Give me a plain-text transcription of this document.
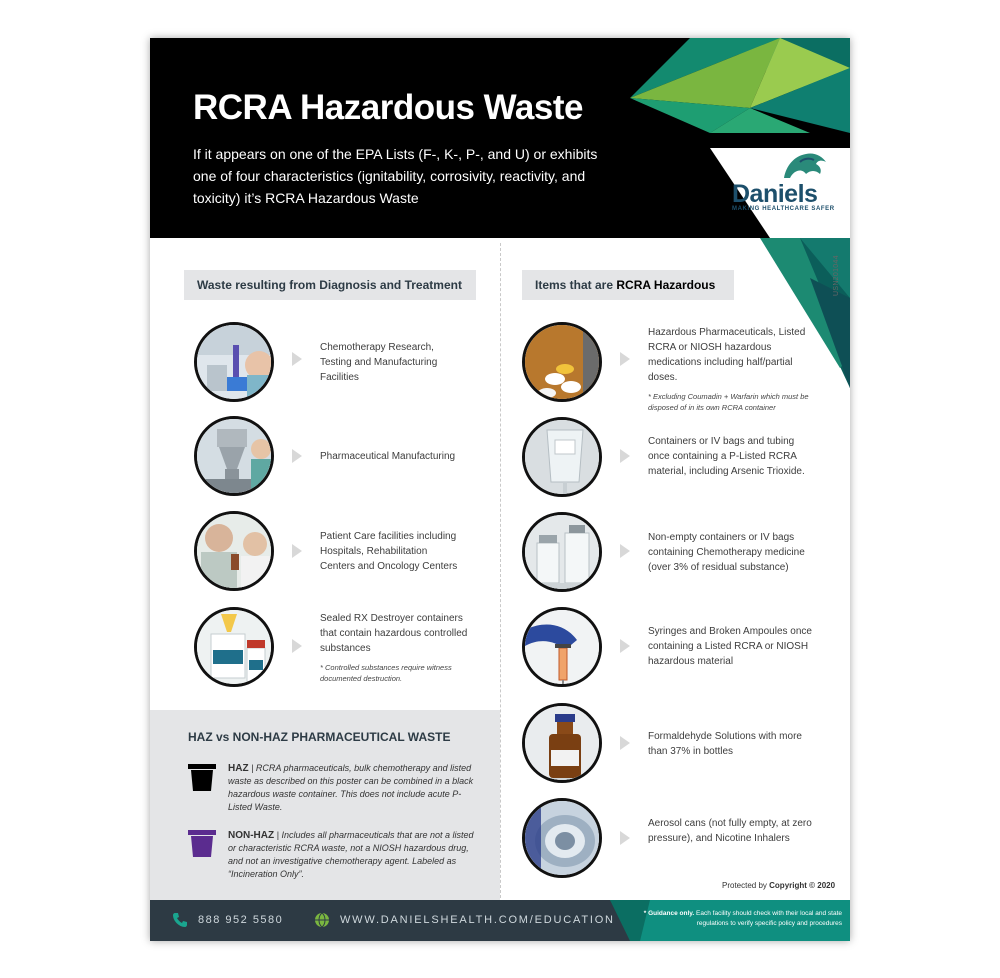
RCRA Hazardous Waste
If it appears on one of the EPA Lists (F-, K-, P-, and U) or exhibits one of four characteristics (ignitability, corrosivity, reactivity, and toxicity) it’s RCRA Hazardous Waste	Daniels
MAKING HEALTHCARE SAFER
USN201044
Waste resulting from Diagnosis and Treatment
Chemotherapy Research, Testing and Manufacturing Facilities
Pharmaceutical Manufacturing
Patient Care facilities including Hospitals, Rehabilitation Centers and Oncology Centers
Sealed RX Destroyer containers that contain hazardous controlled substances
* Controlled substances require witness documented destruction.
HAZ vs NON-HAZ PHARMACEUTICAL WASTE
HAZ | RCRA pharmaceuticals, bulk chemotherapy and listed waste as described on this poster can be combined in a black hazardous waste container. This does not include acute P-Listed Waste.
NON-HAZ | Includes all pharmaceuticals that are not a listed or characteristic RCRA waste, not a NIOSH hazardous drug, and not an investigative chemotherapy agent. Labeled as “Incineration Only”.
Items that are RCRA Hazardous
Hazardous Pharmaceuticals, Listed RCRA or NIOSH hazardous medications including half/partial doses.
* Excluding Coumadin + Warfarin which must be disposed of in its own RCRA container
Containers or IV bags and tubing once containing a P-Listed RCRA material, including Arsenic Trioxide.
Non-empty containers or IV bags containing Chemotherapy medicine (over 3% of residual substance)
Syringes and Broken Ampoules once containing a Listed RCRA or NIOSH hazardous material
Formaldehyde Solutions with more than 37% in bottles
Aerosol cans (not fully empty, at zero pressure), and Nicotine Inhalers
Protected by Copyright © 2020
888 952 5580	WWW.DANIELSHEALTH.COM/EDUCATION
* Guidance only. Each facility should check with their local and state regulations to verify specific policy and procedures
